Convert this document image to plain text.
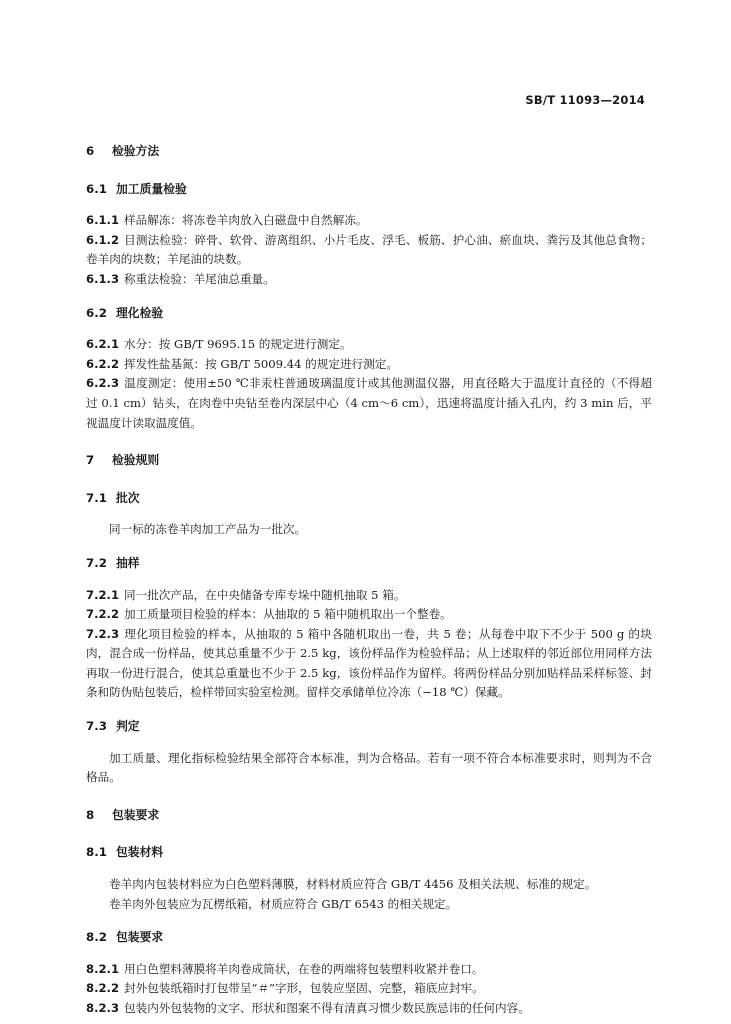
SB/T 11093—2014
6 检验方法
6.1 加工质量检验

6.1.1 样品解冻：将冻卷羊肉放入白磁盘中自然解冻。

6.1.2 目测法检验：碎骨、软骨、游离组织、小片毛皮、浮毛、板筋、护心油、瘀血块、粪污及其他总食物；卷羊肉的块数；羊尾油的块数。

6.1.3 称重法检验：羊尾油总重量。

6.2 理化检验

6.2.1 水分：按 GB/T 9695.15 的规定进行测定。

6.2.2 挥发性盐基氮：按 GB/T 5009.44 的规定进行测定。

6.2.3 温度测定：使用±50 ℃非汞柱普通玻璃温度计或其他测温仪器，用直径略大于温度计直径的（不得超过 0.1 cm）钻头，在肉卷中央钻至卷内深层中心（4 cm～6 cm），迅速将温度计插入孔内，约 3 min 后，平视温度计读取温度值。

7 检验规则
7.1 批次

同一标的冻卷羊肉加工产品为一批次。

7.2 抽样

7.2.1 同一批次产品，在中央储备专库专垛中随机抽取 5 箱。

7.2.2 加工质量项目检验的样本：从抽取的 5 箱中随机取出一个整卷。

7.2.3 理化项目检验的样本，从抽取的 5 箱中各随机取出一卷，共 5 卷；从每卷中取下不少于 500 g 的块肉，混合成一份样品，使其总重量不少于 2.5 kg，该份样品作为检验样品；从上述取样的邻近部位用同样方法再取一份进行混合，使其总重量也不少于 2.5 kg，该份样品作为留样。将两份样品分别加贴样品采样标签、封条和防伪贴包装后，检样带回实验室检测。留样交承储单位冷冻（−18 ℃）保藏。

7.3 判定

加工质量、理化指标检验结果全部符合本标准，判为合格品。若有一项不符合本标准要求时，则判为不合格品。

8 包装要求
8.1 包装材料

卷羊肉内包装材料应为白色塑料薄膜，材料材质应符合 GB/T 4456 及相关法规、标准的规定。

卷羊肉外包装应为瓦楞纸箱，材质应符合 GB/T 6543 的相关规定。

8.2 包装要求

8.2.1 用白色塑料薄膜将羊肉卷成筒状，在卷的两端将包装塑料收紧并卷口。

8.2.2 封外包装纸箱时打包带呈“＃”字形，包装应坚固、完整，箱底应封牢。

8.2.3 包装内外包装物的文字、形状和图案不得有清真习惯少数民族忌讳的任何内容。
